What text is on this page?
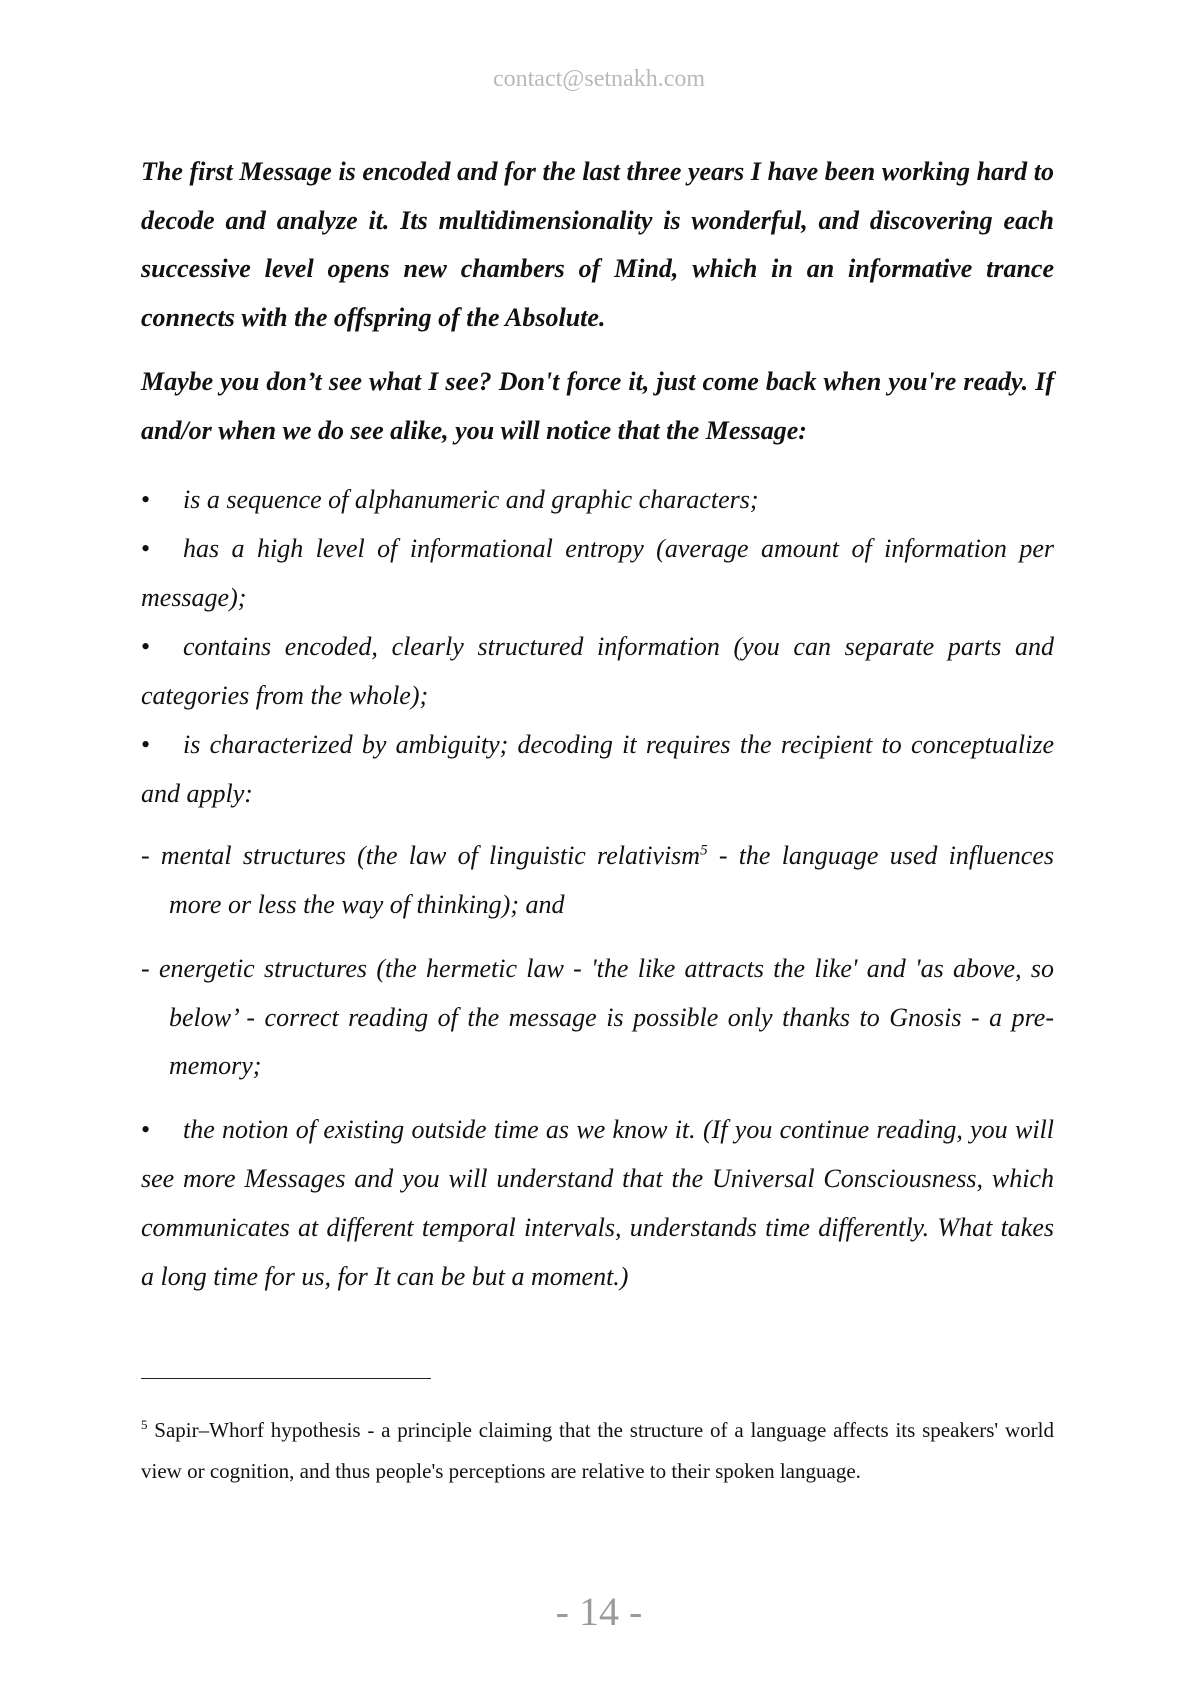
contact@setnakh.com

The first Message is encoded and for the last three years I have been working hard to decode and analyze it. Its multidimensionality is wonderful, and discovering each successive level opens new chambers of Mind, which in an informative trance connects with the offspring of the Absolute.

Maybe you don’t see what I see? Don't force it, just come back when you're ready. If and/or when we do see alike, you will notice that the Message:

• is a sequence of alphanumeric and graphic characters;

• has a high level of informational entropy (average amount of information per message);

• contains encoded, clearly structured information (you can separate parts and categories from the whole);

• is characterized by ambiguity; decoding it requires the recipient to conceptualize and apply:

- mental structures (the law of linguistic relativism$^5$ - the language used influences more or less the way of thinking); and

- energetic structures (the hermetic law - 'the like attracts the like' and 'as above, so below’ - correct reading of the message is possible only thanks to Gnosis - a pre-memory;

• the notion of existing outside time as we know it. (If you continue reading, you will see more Messages and you will understand that the Universal Consciousness, which communicates at different temporal intervals, understands time differently. What takes a long time for us, for It can be but a moment.)

$^5$ Sapir–Whorf hypothesis - a principle claiming that the structure of a language affects its speakers' world view or cognition, and thus people's perceptions are relative to their spoken language.

- 14 -
